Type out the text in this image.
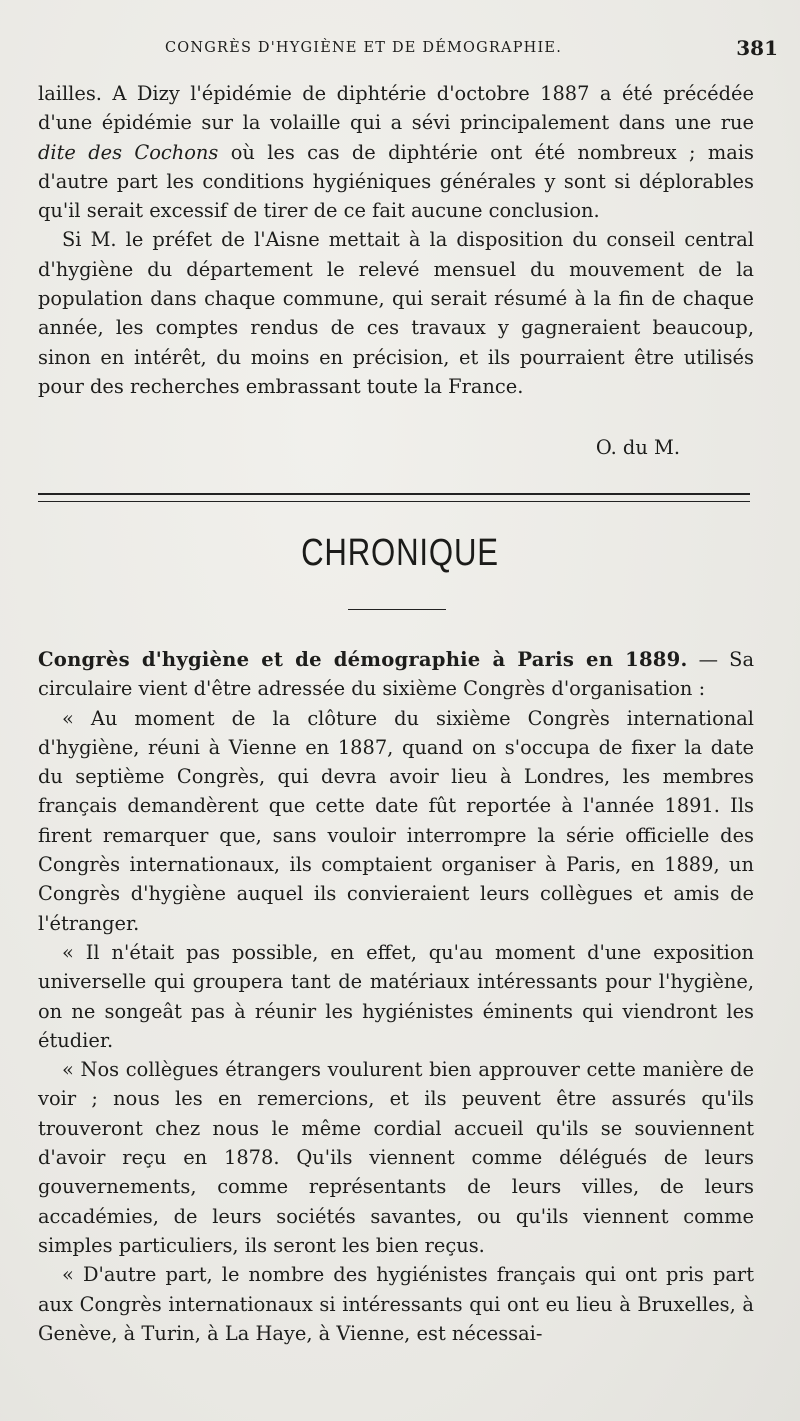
CONGRÈS D'HYGIÈNE ET DE DÉMOGRAPHIE.	381

lailles. A Dizy l'épidémie de diphtérie d'octobre 1887 a été précédée d'une épidémie sur la volaille qui a sévi principalement dans une rue dite des Cochons où les cas de diphtérie ont été nombreux ; mais d'autre part les conditions hygiéniques générales y sont si déplorables qu'il serait excessif de tirer de ce fait aucune conclusion.

Si M. le préfet de l'Aisne mettait à la disposition du conseil central d'hygiène du département le relevé mensuel du mouvement de la population dans chaque commune, qui serait résumé à la fin de chaque année, les comptes rendus de ces travaux y gagneraient beaucoup, sinon en intérêt, du moins en précision, et ils pourraient être utilisés pour des recherches embrassant toute la France.

O. du M.
CHRONIQUE

Congrès d'hygiène et de démographie à Paris en 1889. — Sa circulaire vient d'être adressée du sixième Congrès d'organisation :

« Au moment de la clôture du sixième Congrès international d'hygiène, réuni à Vienne en 1887, quand on s'occupa de fixer la date du septième Congrès, qui devra avoir lieu à Londres, les membres français demandèrent que cette date fût reportée à l'année 1891. Ils firent remarquer que, sans vouloir interrompre la série officielle des Congrès internationaux, ils comptaient organiser à Paris, en 1889, un Congrès d'hygiène auquel ils convieraient leurs collègues et amis de l'étranger.

« Il n'était pas possible, en effet, qu'au moment d'une exposition universelle qui groupera tant de matériaux intéressants pour l'hygiène, on ne songeât pas à réunir les hygiénistes éminents qui viendront les étudier.

« Nos collègues étrangers voulurent bien approuver cette manière de voir ; nous les en remercions, et ils peuvent être assurés qu'ils trouveront chez nous le même cordial accueil qu'ils se souviennent d'avoir reçu en 1878. Qu'ils viennent comme délégués de leurs gouvernements, comme représentants de leurs villes, de leurs accadémies, de leurs sociétés savantes, ou qu'ils viennent comme simples particuliers, ils seront les bien reçus.

« D'autre part, le nombre des hygiénistes français qui ont pris part aux Congrès internationaux si intéressants qui ont eu lieu à Bruxelles, à Genève, à Turin, à La Haye, à Vienne, est nécessai-
